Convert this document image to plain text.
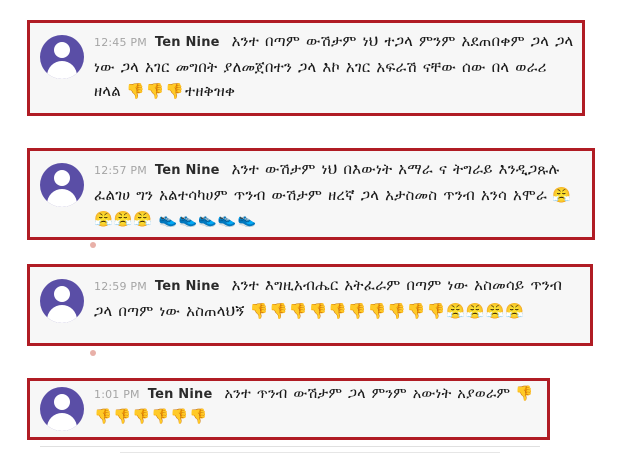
12:45 PM Ten Nine አንተ በጣም ውሽታም ነህ ተጋላ ምንም አደጠበቀም ጋላ ጋላ ነው ጋላ አገር መግበት ያለመጀበተን ጋላ እኮ አገር አፍራሽ ናቸው ሰው በላ ወራሪ ዘላል 👎👎👎ተዘቅዝቀ
12:57 PM Ten Nine አንተ ውሽታም ነህ በእውነት አማራ ና ትግራይ እንዲጋጹሉ ፈልገሀ ግን አልተሳካሀም ጥንብ ውሽታም ዘረኛ ጋላ አታስመስ ጥንብ አንሳ አሞራ 😤😤😤😤 👟👟👟👟👟
12:59 PM Ten Nine አንተ እግዚአብሔር አትፈራም በጣም ነው አስመሳይ ጥንብ ጋላ በጣም ነው አስጠላህኝ 👎👎👎👎👎👎👎👎👎👎😤😤😤😤
1:01 PM Ten Nine አንተ ጥንብ ውሽታም ጋላ ምንም አውነት አያወራም 👎👎👎👎👎👎👎
